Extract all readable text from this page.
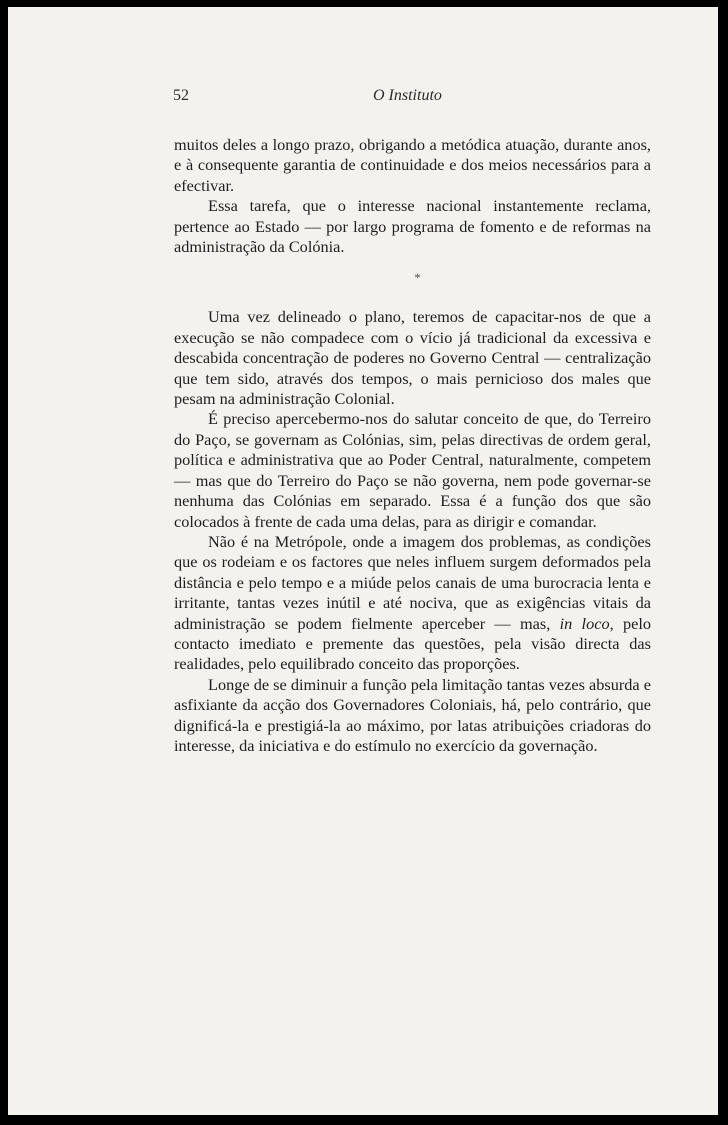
52	O Instituto

muitos deles a longo prazo, obrigando a metódica atuação, durante anos, e à consequente garantia de continuidade e dos meios necessários para a efectivar.

Essa tarefa, que o interesse nacional instantemente reclama, pertence ao Estado — por largo programa de fomento e de reformas na administração da Colónia.

*

Uma vez delineado o plano, teremos de capacitar-nos de que a execução se não compadece com o vício já tradicional da excessiva e descabida concentração de poderes no Governo Central — centralização que tem sido, através dos tempos, o mais pernicioso dos males que pesam na administração Colonial.

É preciso apercebermo-nos do salutar conceito de que, do Terreiro do Paço, se governam as Colónias, sim, pelas directivas de ordem geral, política e administrativa que ao Poder Central, naturalmente, competem — mas que do Terreiro do Paço se não governa, nem pode governar-se nenhuma das Colónias em separado. Essa é a função dos que são colocados à frente de cada uma delas, para as dirigir e comandar.

Não é na Metrópole, onde a imagem dos problemas, as condições que os rodeiam e os factores que neles influem surgem deformados pela distância e pelo tempo e a miúde pelos canais de uma burocracia lenta e irritante, tantas vezes inútil e até nociva, que as exigências vitais da administração se podem fielmente aperceber — mas, in loco, pelo contacto imediato e premente das questões, pela visão directa das realidades, pelo equilibrado conceito das proporções.

Longe de se diminuir a função pela limitação tantas vezes absurda e asfixiante da acção dos Governadores Coloniais, há, pelo contrário, que dignificá-la e prestigiá-la ao máximo, por latas atribuições criadoras do interesse, da iniciativa e do estímulo no exercício da governação.
